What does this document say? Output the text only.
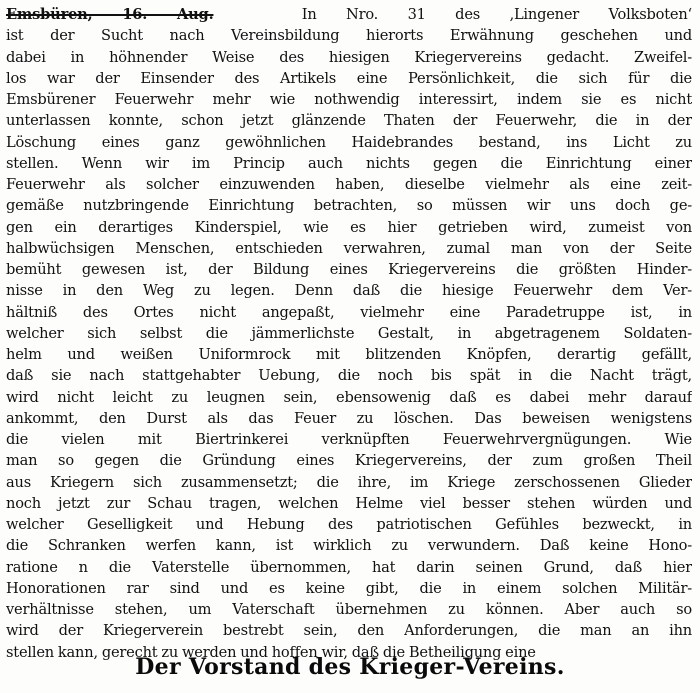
Emsbüren, 16. Aug.	In Nro. 31 des ‚Lingener Volksboten‘
ist der Sucht nach Vereinsbildung hierorts Erwähnung geschehen und
dabei in höhnender Weise des hiesigen Kriegervereins gedacht. Zweifel-
los war der Einsender des Artikels eine Persönlichkeit, die sich für die
Emsbürener Feuerwehr mehr wie nothwendig interessirt, indem sie es nicht
unterlassen konnte, schon jetzt glänzende Thaten der Feuerwehr, die in der
Löschung eines ganz gewöhnlichen Haidebrandes bestand, ins Licht zu
stellen. Wenn wir im Princip auch nichts gegen die Einrichtung einer
Feuerwehr als solcher einzuwenden haben, dieselbe vielmehr als eine zeit-
gemäße nutzbringende Einrichtung betrachten, so müssen wir uns doch ge-
gen ein derartiges Kinderspiel, wie es hier getrieben wird, zumeist von
halbwüchsigen Menschen, entschieden verwahren, zumal man von der Seite
bemüht gewesen ist, der Bildung eines Kriegervereins die größten Hinder-
nisse in den Weg zu legen. Denn daß die hiesige Feuerwehr dem Ver-
hältniß des Ortes nicht angepaßt, vielmehr eine Paradetruppe ist, in
welcher sich selbst die jämmerlichste Gestalt, in abgetragenem Soldaten-
helm und weißen Uniformrock mit blitzenden Knöpfen, derartig gefällt,
daß sie nach stattgehabter Uebung, die noch bis spät in die Nacht trägt,
wird nicht leicht zu leugnen sein, ebensowenig daß es dabei mehr darauf
ankommt, den Durst als das Feuer zu löschen. Das beweisen wenigstens
die vielen mit Biertrinkerei verknüpften Feuerwehrvergnügungen. Wie
man so gegen die Gründung eines Kriegervereins, der zum großen Theil
aus Kriegern sich zusammensetzt; die ihre, im Kriege zerschossenen Glieder
noch jetzt zur Schau tragen, welchen Helme viel besser stehen würden und
welcher Geselligkeit und Hebung des patriotischen Gefühles bezweckt, in
die Schranken werfen kann, ist wirklich zu verwundern. Daß keine Hono-
ratione n die Vaterstelle übernommen, hat darin seinen Grund, daß hier
Honorationen rar sind und es keine gibt, die in einem solchen Militär-
verhältnisse stehen, um Vaterschaft übernehmen zu können. Aber auch so
wird der Kriegerverein bestrebt sein, den Anforderungen, die man an ihn
stellen kann, gerecht zu werden und hoffen wir, daß die Betheiligung eine
Der Vorstand des Krieger-Vereins.
